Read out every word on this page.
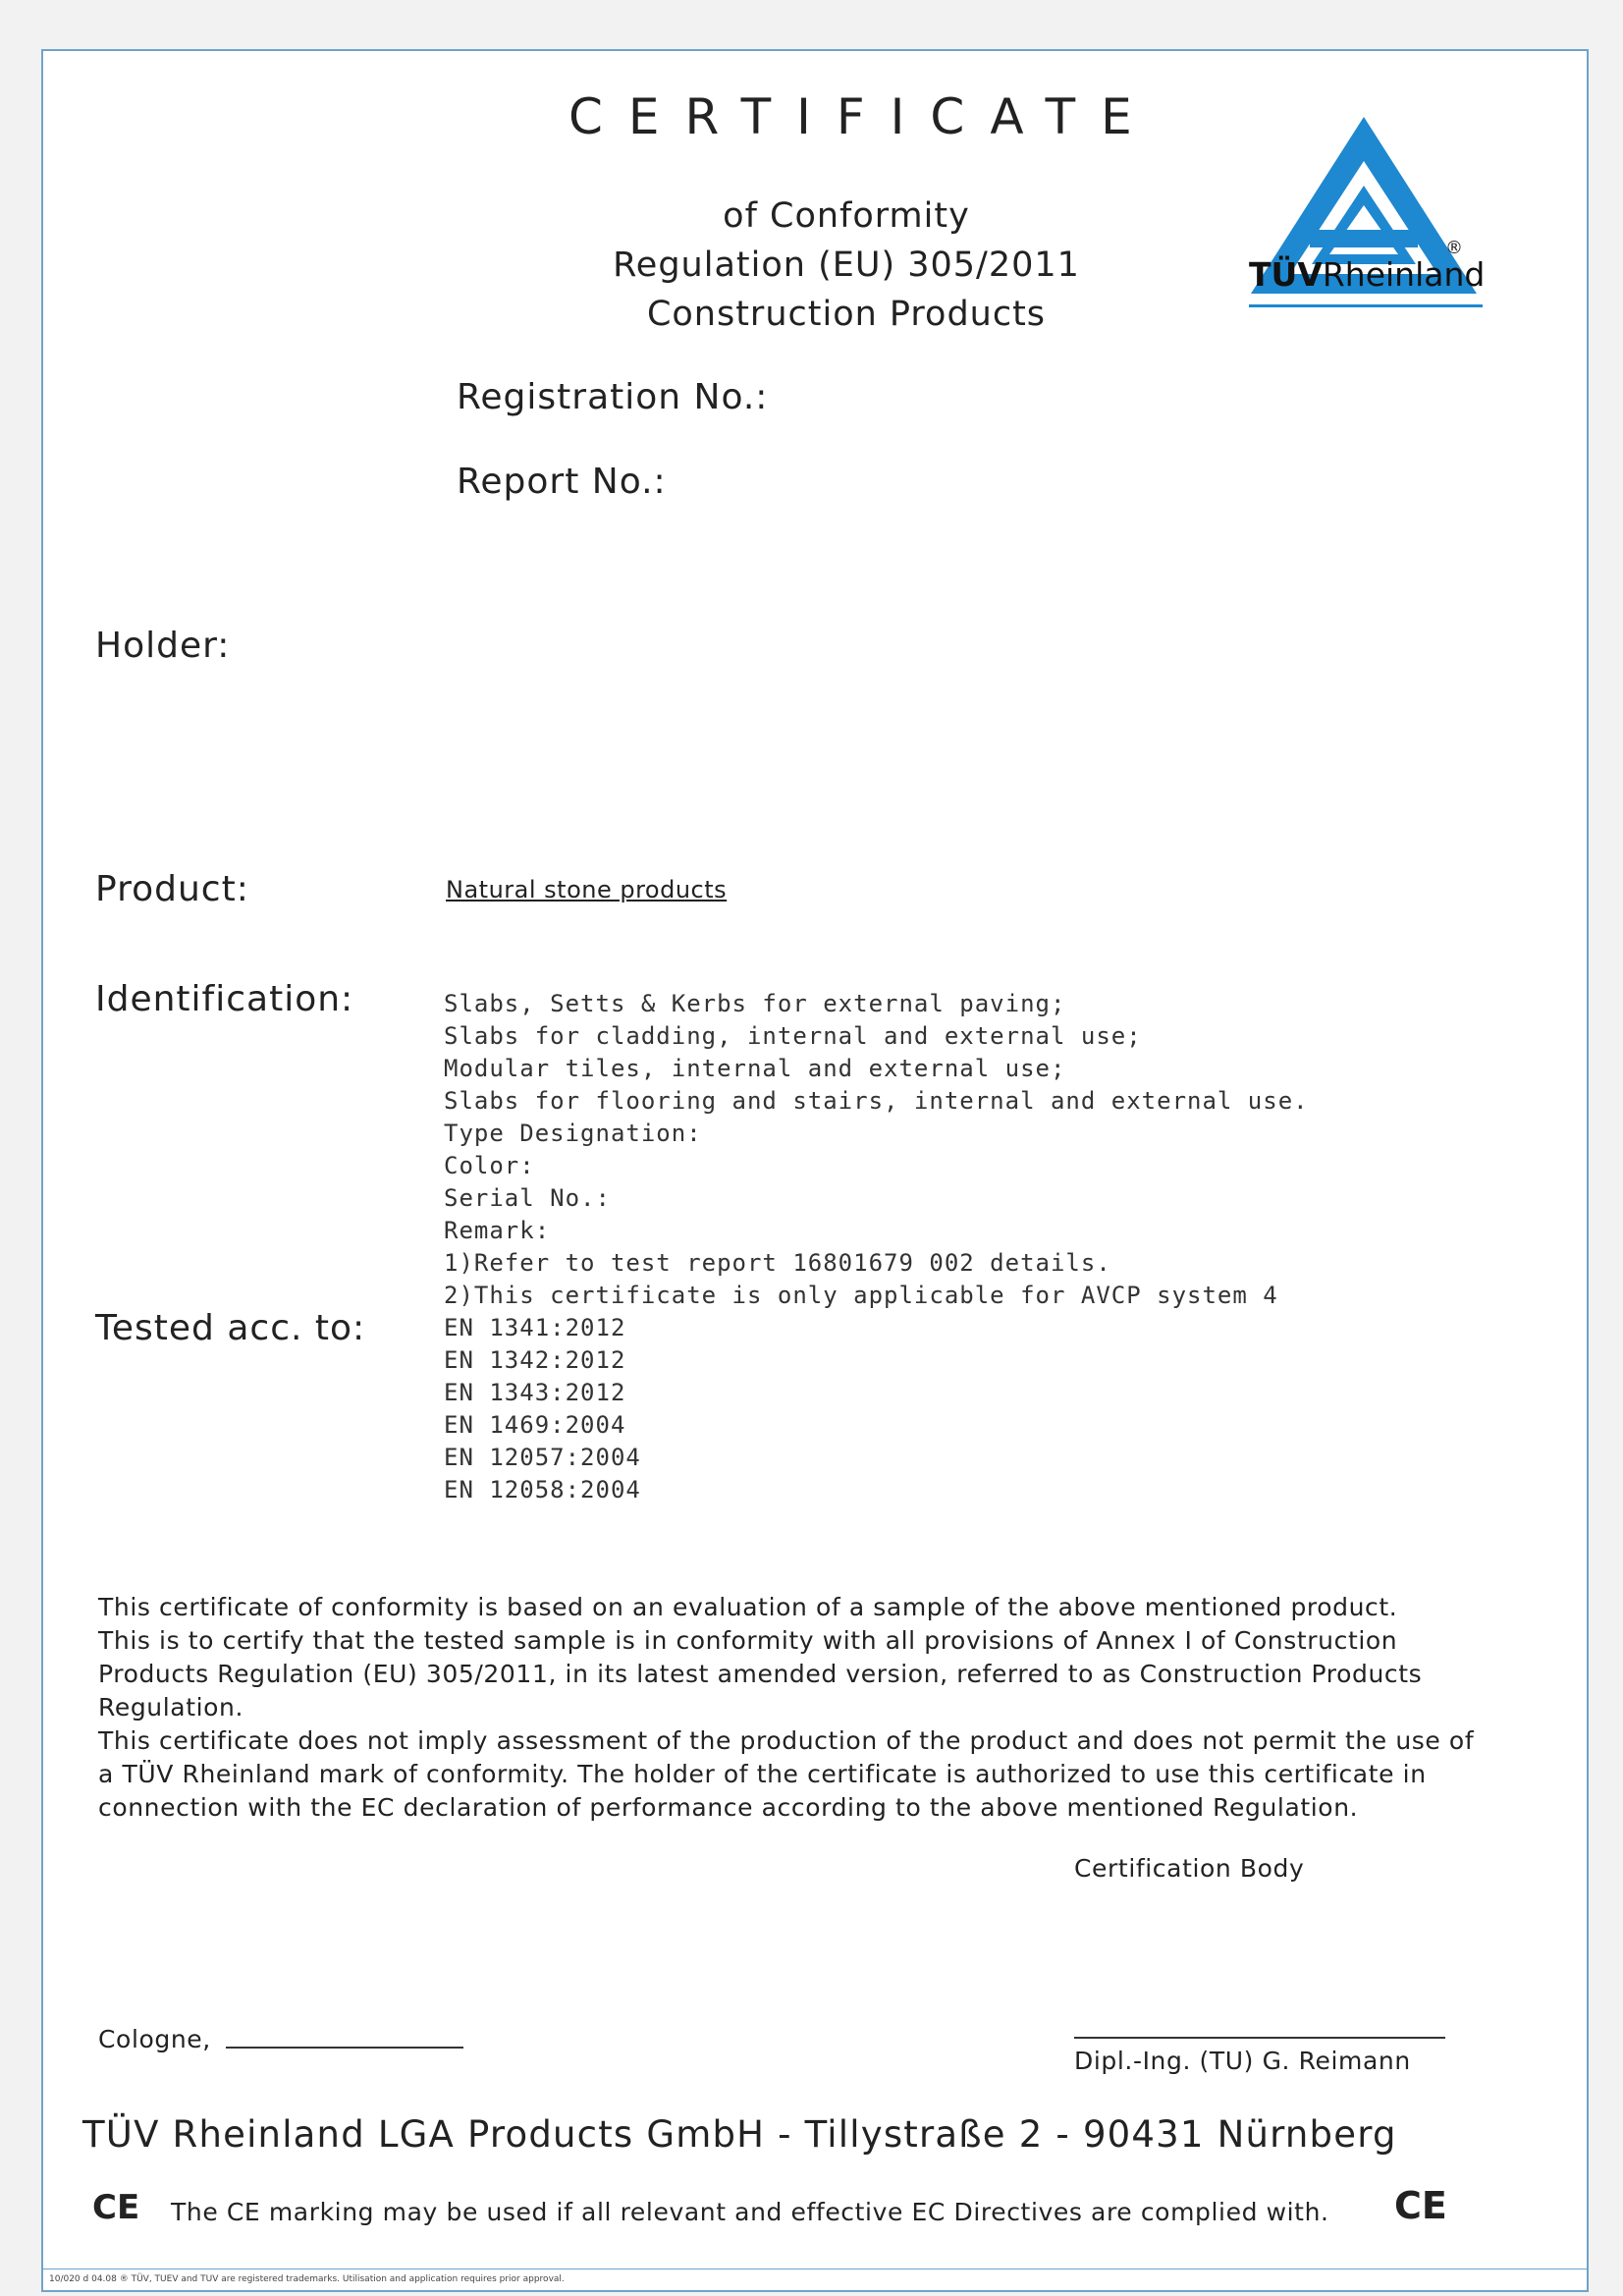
CERTIFICATE
of Conformity
Regulation (EU) 305/2011
Construction Products
®
TÜVRheinland
Registration No.:
Report No.:
Holder:
Product:	Natural stone products
Identification:
Tested acc. to:
Slabs, Setts & Kerbs for external paving;
Slabs for cladding, internal and external use;
Modular tiles, internal and external use;
Slabs for flooring and stairs, internal and external use.
Type Designation:
Color:
Serial No.:
Remark:
1)Refer to test report 16801679 002 details.
2)This certificate is only applicable for AVCP system 4
EN 1341:2012
EN 1342:2012
EN 1343:2012
EN 1469:2004
EN 12057:2004
EN 12058:2004
This certificate of conformity is based on an evaluation of a sample of the above mentioned product.
This is to certify that the tested sample is in conformity with all provisions of Annex I of Construction
Products Regulation (EU) 305/2011, in its latest amended version, referred to as Construction Products
Regulation.
This certificate does not imply assessment of the production of the product and does not permit the use of
a TÜV Rheinland mark of conformity. The holder of the certificate is authorized to use this certificate in
connection with the EC declaration of performance according to the above mentioned Regulation.
Certification Body
Cologne,
Dipl.-Ing. (TU) G. Reimann
TÜV Rheinland LGA Products GmbH - Tillystraße 2 - 90431 Nürnberg
CE The CE marking may be used if all relevant and effective EC Directives are complied with. CE
10/020 d 04.08 ® TÜV, TUEV and TUV are registered trademarks. Utilisation and application requires prior approval.
